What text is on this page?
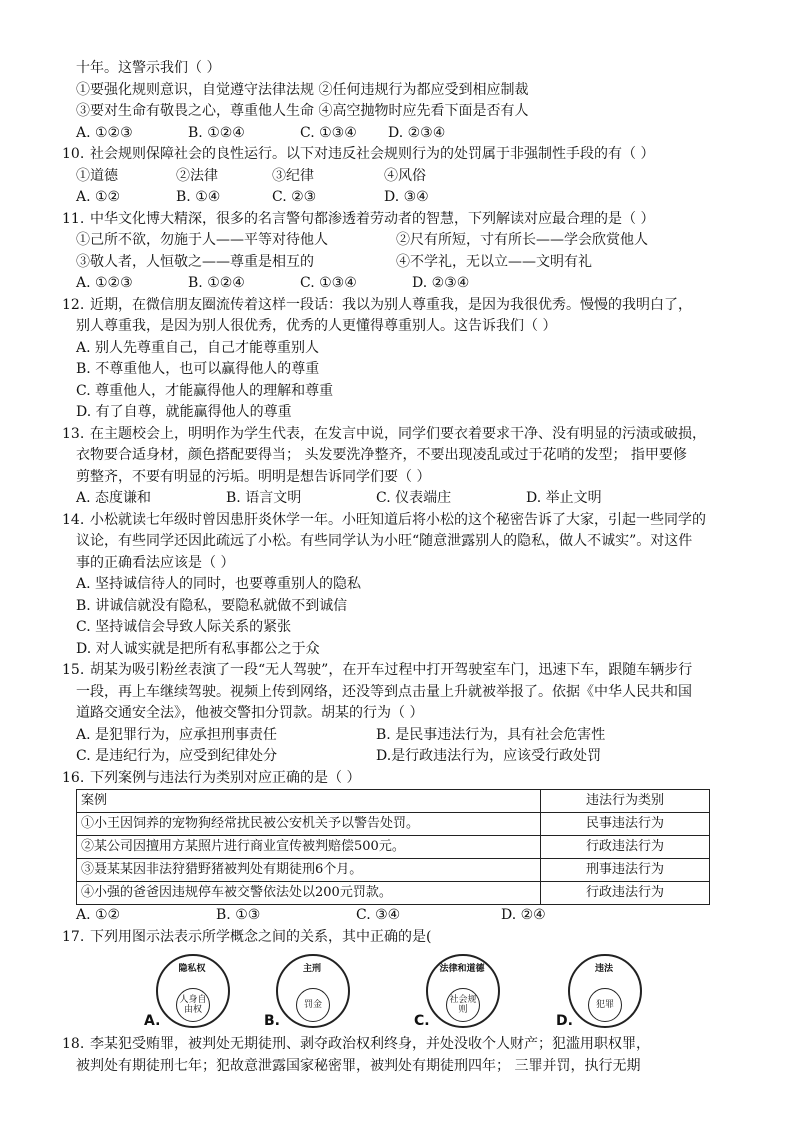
十年。这警示我们（ ）
①要强化规则意识，自觉遵守法律法规 ②任何违规行为都应受到相应制裁
③要对生命有敬畏之心，尊重他人生命 ④高空抛物时应先看下面是否有人
A. ①②③	B. ①②④	C. ①③④	D. ②③④
10. 社会规则保障社会的良性运行。以下对违反社会规则行为的处罚属于非强制性手段的有（ ）
①道德	②法律	③纪律	④风俗
A. ①②	B. ①④	C. ②③	D. ③④
11. 中华文化博大精深，很多的名言警句都渗透着劳动者的智慧，下列解读对应最合理的是（ ）
①己所不欲，勿施于人——平等对待他人	②尺有所短，寸有所长——学会欣赏他人
③敬人者，人恒敬之——尊重是相互的	④不学礼，无以立——文明有礼
A. ①②③	B. ①②④	C. ①③④	D. ②③④
12. 近期，在微信朋友圈流传着这样一段话：我以为别人尊重我，是因为我很优秀。慢慢的我明白了，
别人尊重我，是因为别人很优秀，优秀的人更懂得尊重别人。这告诉我们（ ）
A. 别人先尊重自己，自己才能尊重别人
B. 不尊重他人，也可以赢得他人的尊重
C. 尊重他人，才能赢得他人的理解和尊重
D. 有了自尊，就能赢得他人的尊重
13. 在主题校会上，明明作为学生代表，在发言中说，同学们要衣着要求干净、没有明显的污渍或破损，
衣物要合适身材，颜色搭配要得当； 头发要洗净整齐，不要出现凌乱或过于花哨的发型； 指甲要修
剪整齐，不要有明显的污垢。明明是想告诉同学们要（ ）
A. 态度谦和	B. 语言文明	C. 仪表端庄	D. 举止文明
14. 小松就读七年级时曾因患肝炎休学一年。小旺知道后将小松的这个秘密告诉了大家，引起一些同学的
议论，有些同学还因此疏远了小松。有些同学认为小旺“随意泄露别人的隐私，做人不诚实”。对这件
事的正确看法应该是（ ）
A. 坚持诚信待人的同时，也要尊重别人的隐私
B. 讲诚信就没有隐私，要隐私就做不到诚信
C. 坚持诚信会导致人际关系的紧张
D. 对人诚实就是把所有私事都公之于众
15. 胡某为吸引粉丝表演了一段“无人驾驶”，在开车过程中打开驾驶室车门，迅速下车，跟随车辆步行
一段，再上车继续驾驶。视频上传到网络，还没等到点击量上升就被举报了。依据《中华人民共和国
道路交通安全法》，他被交警扣分罚款。胡某的行为（ ）
A. 是犯罪行为，应承担刑事责任	B. 是民事违法行为，具有社会危害性
C. 是违纪行为，应受到纪律处分	D.是行政违法行为，应该受行政处罚
16. 下列案例与违法行为类别对应正确的是（ ）
案例	违法行为类别
①小王因饲养的宠物狗经常扰民被公安机关予以警告处罚。	民事违法行为
②某公司因擅用方某照片进行商业宣传被判赔偿500元。	行政违法行为
③聂某某因非法狩猎野猪被判处有期徒刑6个月。	刑事违法行为
④小强的爸爸因违规停车被交警依法处以200元罚款。	行政违法行为
A. ①②	B. ①③	C. ③④	D. ②④
17. 下列用图示法表示所学概念之间的关系，其中正确的是(
隐私权
人身自由权
A.
主刑
罚金
B.
法律和道德
社会规则
C.
违法
犯罪
D.
18. 李某犯受贿罪，被判处无期徒刑、剥夺政治权利终身，并处没收个人财产；犯滥用职权罪，
被判处有期徒刑七年；犯故意泄露国家秘密罪，被判处有期徒刑四年； 三罪并罚，执行无期
